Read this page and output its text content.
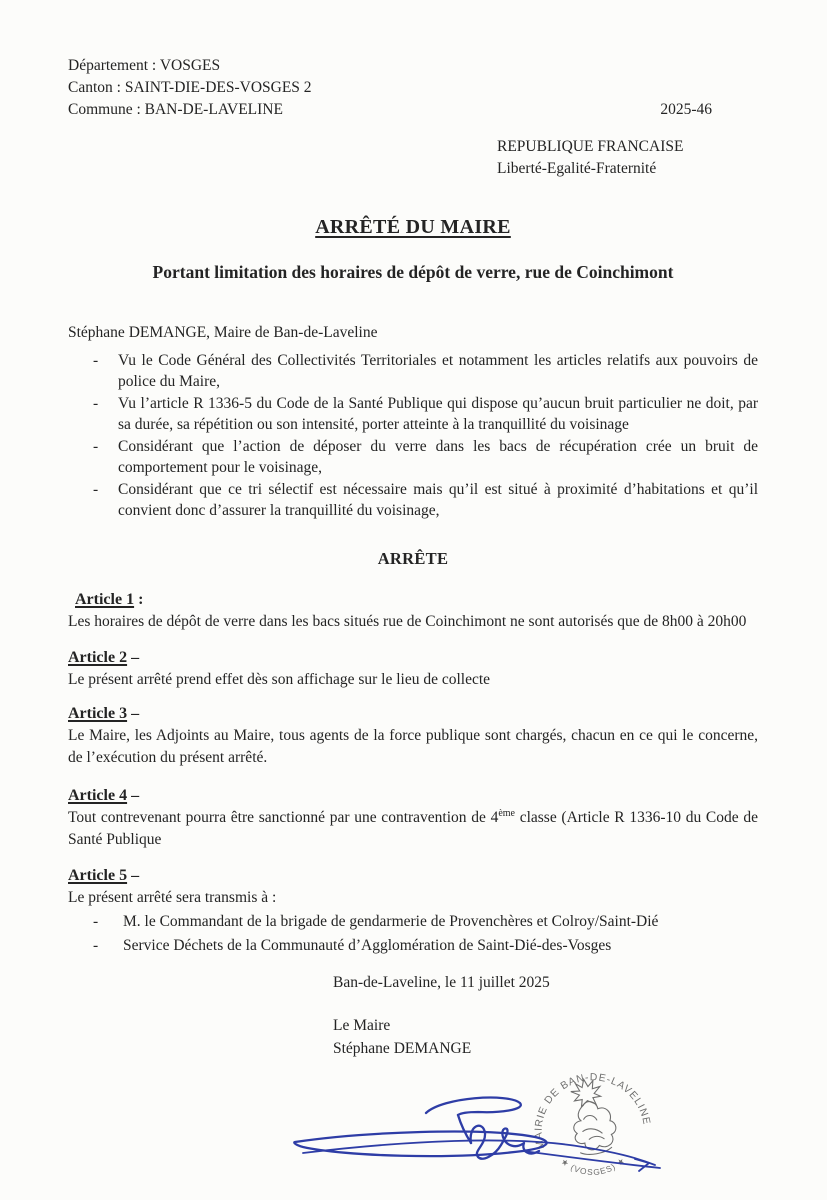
Département : VOSGES
Canton : SAINT-DIE-DES-VOSGES 2
Commune : BAN-DE-LAVELINE	2025-46
REPUBLIQUE FRANCAISE
Liberté-Egalité-Fraternité
ARRÊTÉ DU MAIRE
Portant limitation des horaires de dépôt de verre, rue de Coinchimont
Stéphane DEMANGE, Maire de Ban-de-Laveline
-	Vu le Code Général des Collectivités Territoriales et notamment les articles relatifs aux pouvoirs de police du Maire,
-	Vu l’article R 1336-5 du Code de la Santé Publique qui dispose qu’aucun bruit particulier ne doit, par sa durée, sa répétition ou son intensité, porter atteinte à la tranquillité du voisinage
-	Considérant que l’action de déposer du verre dans les bacs de récupération crée un bruit de comportement pour le voisinage,
-	Considérant que ce tri sélectif est nécessaire mais qu’il est situé à proximité d’habitations et qu’il convient donc d’assurer la tranquillité du voisinage,
ARRÊTE
Article 1 :
Les horaires de dépôt de verre dans les bacs situés rue de Coinchimont ne sont autorisés que de 8h00 à 20h00
Article 2 –
Le présent arrêté prend effet dès son affichage sur le lieu de collecte
Article 3 –
Le Maire, les Adjoints au Maire, tous agents de la force publique sont chargés, chacun en ce qui le concerne, de l’exécution du présent arrêté.
Article 4 –
Tout contrevenant pourra être sanctionné par une contravention de 4ème classe (Article R 1336-10 du Code de Santé Publique
Article 5 –
Le présent arrêté sera transmis à :
-	M. le Commandant de la brigade de gendarmerie de Provenchères et Colroy/Saint-Dié
-	Service Déchets de la Communauté d’Agglomération de Saint-Dié-des-Vosges
Ban-de-Laveline, le 11 juillet 2025
Le Maire
Stéphane DEMANGE
MAIRIE DE BAN-DE-LAVELINE
★ (VOSGES) ★
